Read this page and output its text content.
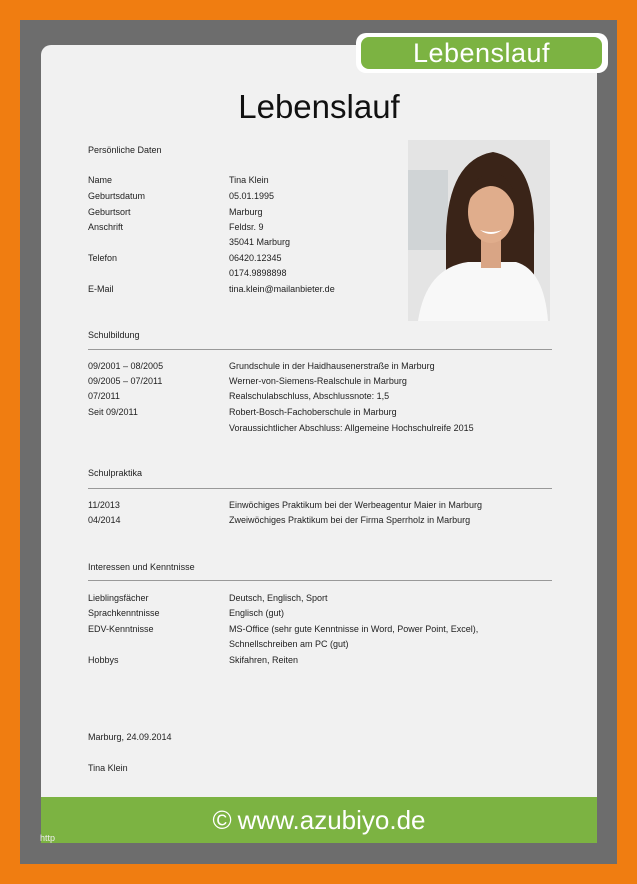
Lebenslauf
Lebenslauf
Persönliche Daten
Name	Tina Klein
Geburtsdatum	05.01.1995
Geburtsort	Marburg
Anschrift	Feldsr. 9
35041 Marburg
Telefon	06420.12345
0174.9898898
E-Mail	tina.klein@mailanbieter.de
Schulbildung
09/2001 – 08/2005	Grundschule in der Haidhausenerstraße in Marburg
09/2005 – 07/2011	Werner-von-Siemens-Realschule in Marburg
07/2011	Realschulabschluss, Abschlussnote: 1,5
Seit 09/2011	Robert-Bosch-Fachoberschule in Marburg
Voraussichtlicher Abschluss: Allgemeine Hochschulreife 2015
Schulpraktika
11/2013	Einwöchiges Praktikum bei der Werbeagentur Maier in Marburg
04/2014	Zweiwöchiges Praktikum bei der Firma Sperrholz in Marburg
Interessen und Kenntnisse
Lieblingsfächer	Deutsch, Englisch, Sport
Sprachkenntnisse	Englisch (gut)
EDV-Kenntnisse	MS-Office (sehr gute Kenntnisse in Word, Power Point, Excel),
Schnellschreiben am PC (gut)
Hobbys	Skifahren, Reiten
Marburg, 24.09.2014
Tina Klein
© www.azubiyo.de
http
